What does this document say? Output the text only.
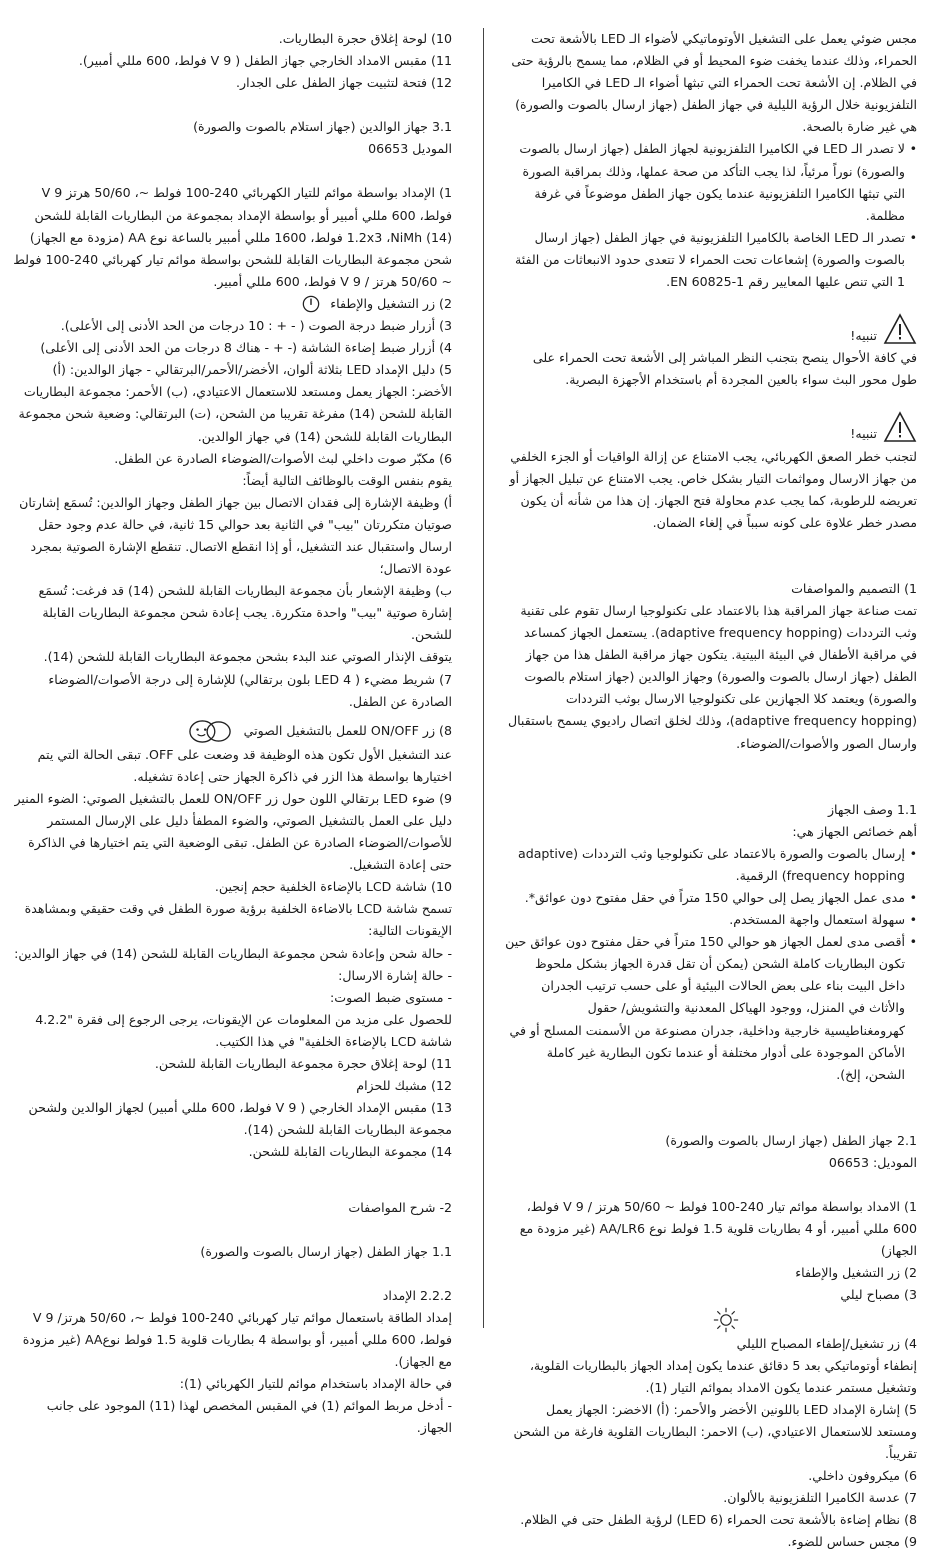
مجس ضوئي يعمل على التشغيل الأوتوماتيكي لأضواء الـ LED بالأشعة تحت الحمراء، وذلك عندما يخفت ضوء المحيط أو في الظلام، مما يسمح بالرؤية حتى في الظلام. إن الأشعة تحت الحمراء التي تبثها أضواء الـ LED في الكاميرا التلفزيونية خلال الرؤية الليلية في جهاز الطفل (جهاز ارسال بالصوت والصورة) هي غير ضارة بالصحة.

• لا تصدر الـ LED في الكاميرا التلفزيونية لجهاز الطفل (جهاز ارسال بالصوت والصورة) نوراً مرئياً، لذا يجب التأكد من صحة عملها، وذلك بمراقبة الصورة التي تبثها الكاميرا التلفزيونية عندما يكون جهاز الطفل موضوعاً في غرفة مظلمة.

• تصدر الـ LED الخاصة بالكاميرا التلفزيونية في جهاز الطفل (جهاز ارسال بالصوت والصورة) إشعاعات تحت الحمراء لا تتعدى حدود الانبعاثات من الفئة 1 التي تنص عليها المعايير رقم EN 60825-1.

تنبيه!

في كافة الأحوال ينصح بتجنب النظر المباشر إلى الأشعة تحت الحمراء على طول محور البث سواء بالعين المجردة أم باستخدام الأجهزة البصرية.

تنبيه!

لتجنب خطر الصعق الكهربائي، يجب الامتناع عن إزالة الواقيات أو الجزء الخلفي من جهاز الارسال ومواثمات التيار بشكل خاص. يجب الامتناع عن تبليل الجهاز أو تعريضه للرطوبة، كما يجب عدم محاولة فتح الجهاز. إن هذا من شأنه أن يكون مصدر خطر علاوة على كونه سبباً في إلغاء الضمان.

1) التصميم والمواصفات

تمت صناعة جهاز المراقبة هذا بالاعتماد على تكنولوجيا ارسال تقوم على تقنية وثب الترددات (adaptive frequency hopping). يستعمل الجهاز كمساعد في مراقبة الأطفال في البيئة البيتية. يتكون جهاز مراقبة الطفل هذا من جهاز الطفل (جهاز ارسال بالصوت والصورة) وجهاز الوالدين (جهاز استلام بالصوت والصورة) ويعتمد كلا الجهازين على تكنولوجيا الارسال بوثب الترددات (adaptive frequency hopping)، وذلك لخلق اتصال راديوي يسمح باستقبال وارسال الصور والأصوات/الضوضاء.

1.1 وصف الجهاز

أهم خصائص الجهاز هي:

• إرسال بالصوت والصورة بالاعتماد على تكنولوجيا وثب الترددات (adaptive frequency hopping) الرقمية.

• مدى عمل الجهاز يصل إلى حوالي 150 متراً في حقل مفتوح دون عوائق*.

• سهولة استعمال واجهة المستخدم.

• أقصى مدى لعمل الجهاز هو حوالي 150 متراً في حقل مفتوح دون عوائق حين تكون البطاريات كاملة الشحن (يمكن أن تقل قدرة الجهاز بشكل ملحوظ داخل البيت بناء على بعض الحالات البيئية أو على حسب ترتيب الجدران والأثاث في المنزل، ووجود الهياكل المعدنية والتشويش/ حقول كهرومغناطيسية خارجية وداخلية، جدران مصنوعة من الأسمنت المسلح أو في الأماكن الموجودة على أدوار مختلفة أو عندما تكون البطارية غير كاملة الشحن، إلخ).

2.1 جهاز الطفل (جهاز ارسال بالصوت والصورة)

الموديل: 06653

1) الامداد بواسطة موائم تيار 240-100 فولط ~ 50/60 هرتز / 9 V فولط، 600 مللي أمبير، أو 4 بطاريات قلوية 1.5 فولط نوع AA/LR6 (غير مزودة مع الجهاز)

2) زر التشغيل والإطفاء

3) مصباح ليلي

4) زر تشغيل/إطفاء المصباح الليلي

إنطفاء أوتوماتيكي بعد 5 دقائق عندما يكون إمداد الجهاز بالبطاريات القلوية، وتشغيل مستمر عندما يكون الامداد بموائم التيار (1).

5) إشارة الإمداد LED باللونين الأخضر والأحمر: (أ) الاخضر: الجهاز يعمل ومستعد للاستعمال الاعتيادي، (ب) الاحمر: البطاريات القلوية فارغة من الشحن تقريباً.

6) ميكروفون داخلي.

7) عدسة الكاميرا التلفزيونية بالألوان.

8) نظام إضاءة بالأشعة تحت الحمراء (LED 6) لرؤية الطفل حتى في الظلام.

9) مجس حساس للضوء.

10) لوحة إغلاق حجرة البطاريات.

11) مقبس الامداد الخارجي جهاز الطفل ( 9 V فولط، 600 مللي أمبير).

12) فتحة لتثبيت جهاز الطفل على الجدار.

3.1 جهاز الوالدين (جهاز استلام بالصوت والصورة)

الموديل 06653

1) الإمداد بواسطة موائم للتيار الكهربائي 240-100 فولط ~، 50/60 هرتز 9 V فولط، 600 مللي أمبير أو بواسطة الإمداد بمجموعة من البطاريات القابلة للشحن (14) 1.2x3 ،NiMh فولط، 1600 مللي أمبير بالساعة نوع AA (مزودة مع الجهاز)

شحن مجموعة البطاريات القابلة للشحن بواسطة موائم تيار كهربائي 240-100 فولط ~ 50/60 هرتز / 9 V فولط، 600 مللي أمبير.

2) زر التشغيل والإطفاء

3) أزرار ضبط درجة الصوت ( - + : 10 درجات من الحد الأدنى إلى الأعلى).

4) أزرار ضبط إضاءة الشاشة (- + - هناك 8 درجات من الحد الأدنى إلى الأعلى)

5) دليل الإمداد LED بثلاثة ألوان، الأخضر/الأحمر/البرتقالي - جهاز الوالدين: (أ) الأخضر: الجهاز يعمل ومستعد للاستعمال الاعتيادي، (ب) الأحمر: مجموعة البطاريات القابلة للشحن (14) مفرغة تقريبا من الشحن، (ت) البرتقالي: وضعية شحن مجموعة البطاريات القابلة للشحن (14) في جهاز الوالدين.

6) مكبّر صوت داخلي لبث الأصوات/الضوضاء الصادرة عن الطفل.

يقوم بنفس الوقت بالوظائف التالية أيضاً:

أ) وظيفة الإشارة إلى فقدان الاتصال بين جهاز الطفل وجهاز الوالدين: تُسمَع إشارتان صوتيان متكررتان "بيب" في الثانية بعد حوالي 15 ثانية، في حالة عدم وجود حقل ارسال واستقبال عند التشغيل، أو إذا انقطع الاتصال. تنقطع الإشارة الصوتية بمجرد عودة الاتصال؛

ب) وظيفة الإشعار بأن مجموعة البطاريات القابلة للشحن (14) قد فرغت: تُسمَع إشارة صوتية "بيب" واحدة متكررة. يجب إعادة شحن مجموعة البطاريات القابلة للشحن.

يتوقف الإنذار الصوتي عند البدء بشحن مجموعة البطاريات القابلة للشحن (14).

7) شريط مضيء ( 4 LED بلون برتقالي) للإشارة إلى درجة الأصوات/الضوضاء الصادرة عن الطفل.

8) زر ON/OFF للعمل بالتشغيل الصوتي

عند التشغيل الأول تكون هذه الوظيفة قد وضعت على OFF. تبقى الحالة التي يتم اختيارها بواسطة هذا الزر في ذاكرة الجهاز حتى إعادة تشغيله.

9) ضوء LED برتقالي اللون حول زر ON/OFF للعمل بالتشغيل الصوتي: الضوء المنير دليل على العمل بالتشغيل الصوتي، والضوء المطفأ دليل على الإرسال المستمر للأصوات/الضوضاء الصادرة عن الطفل. تبقى الوضعية التي يتم اختيارها في الذاكرة حتى إعادة التشغيل.

10) شاشة LCD بالإضاءة الخلفية حجم إنجين.

تسمح شاشة LCD بالاضاءة الخلفية برؤية صورة الطفل في وقت حقيقي وبمشاهدة الإيقونات التالية:

- حالة شحن وإعادة شحن مجموعة البطاريات القابلة للشحن (14) في جهاز الوالدين:

- حالة إشارة الارسال:

- مستوى ضبط الصوت:

للحصول على مزيد من المعلومات عن الإيقونات، يرجى الرجوع إلى فقرة "4.2.2 شاشة LCD بالإضاءة الخلفية" في هذا الكتيب.

11) لوحة إغلاق حجرة مجموعة البطاريات القابلة للشحن.

12) مشبك للحزام

13) مقبس الإمداد الخارجي ( 9 V فولط، 600 مللي أمبير) لجهاز الوالدين ولشحن مجموعة البطاريات القابلة للشحن (14).

14) مجموعة البطاريات القابلة للشحن.

2- شرح المواصفات

1.1 جهاز الطفل (جهاز ارسال بالصوت والصورة)

2.2.2 الإمداد

إمداد الطاقة باستعمال موائم تيار كهربائي 240-100 فولط ~، 50/60 هرتز/ 9 V فولط، 600 مللي أمبير، أو بواسطة 4 بطاريات قلوية 1.5 فولط نوعAA (غير مزودة مع الجهاز).

في حالة الإمداد باستخدام موائم للتيار الكهربائي (1):

- أدخل مربط الموائم (1) في المقبس المخصص لهذا (11) الموجود على جانب الجهاز.
